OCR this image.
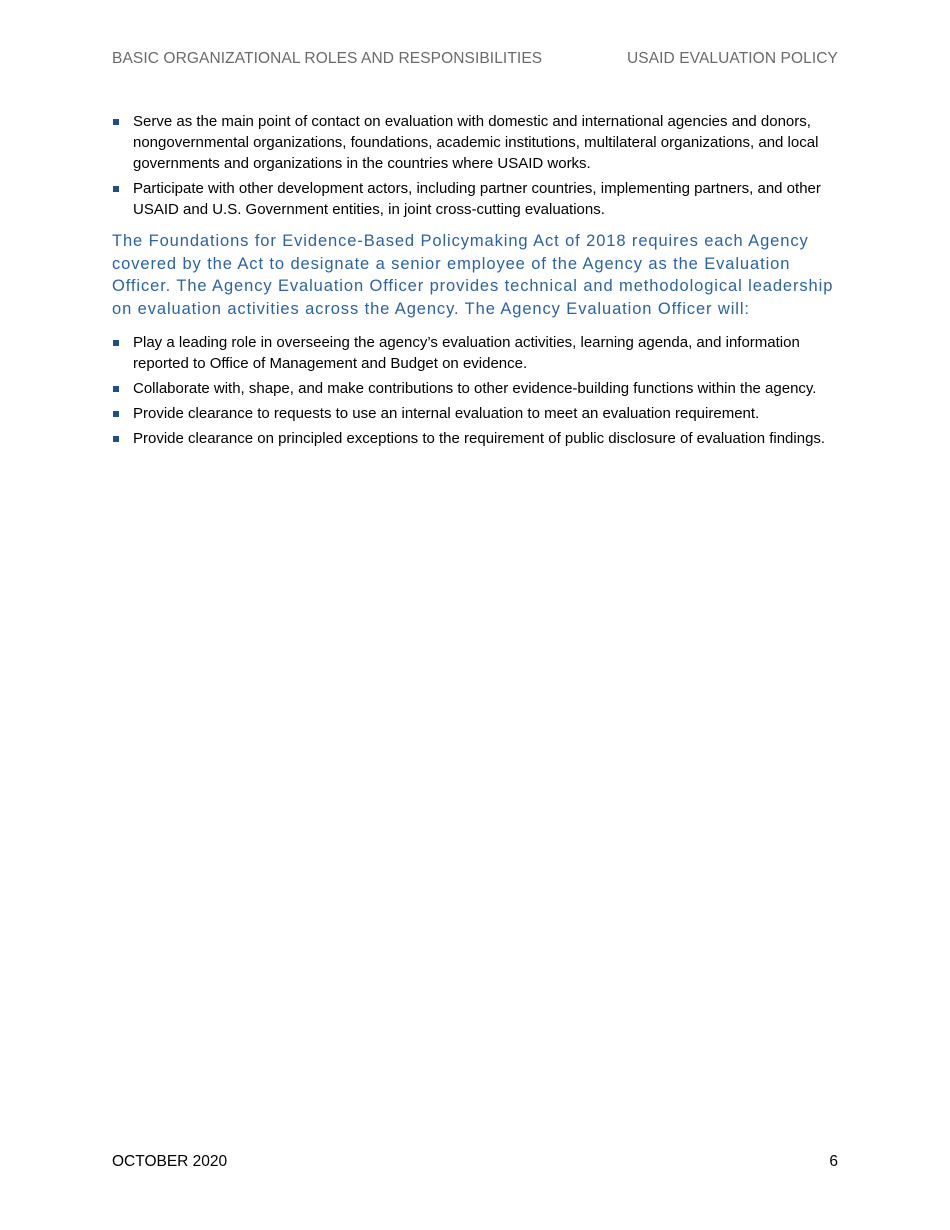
BASIC ORGANIZATIONAL ROLES AND RESPONSIBILITIES	USAID EVALUATION POLICY
Serve as the main point of contact on evaluation with domestic and international agencies and donors, nongovernmental organizations, foundations, academic institutions, multilateral organizations, and local governments and organizations in the countries where USAID works.
Participate with other development actors, including partner countries, implementing partners, and other USAID and U.S. Government entities, in joint cross-cutting evaluations.

The Foundations for Evidence-Based Policymaking Act of 2018 requires each Agency covered by the Act to designate a senior employee of the Agency as the Evaluation Officer. The Agency Evaluation Officer provides technical and methodological leadership on evaluation activities across the Agency. The Agency Evaluation Officer will:

Play a leading role in overseeing the agency’s evaluation activities, learning agenda, and information reported to Office of Management and Budget on evidence.
Collaborate with, shape, and make contributions to other evidence-building functions within the agency.
Provide clearance to requests to use an internal evaluation to meet an evaluation requirement.
Provide clearance on principled exceptions to the requirement of public disclosure of evaluation findings.
OCTOBER 2020	6
